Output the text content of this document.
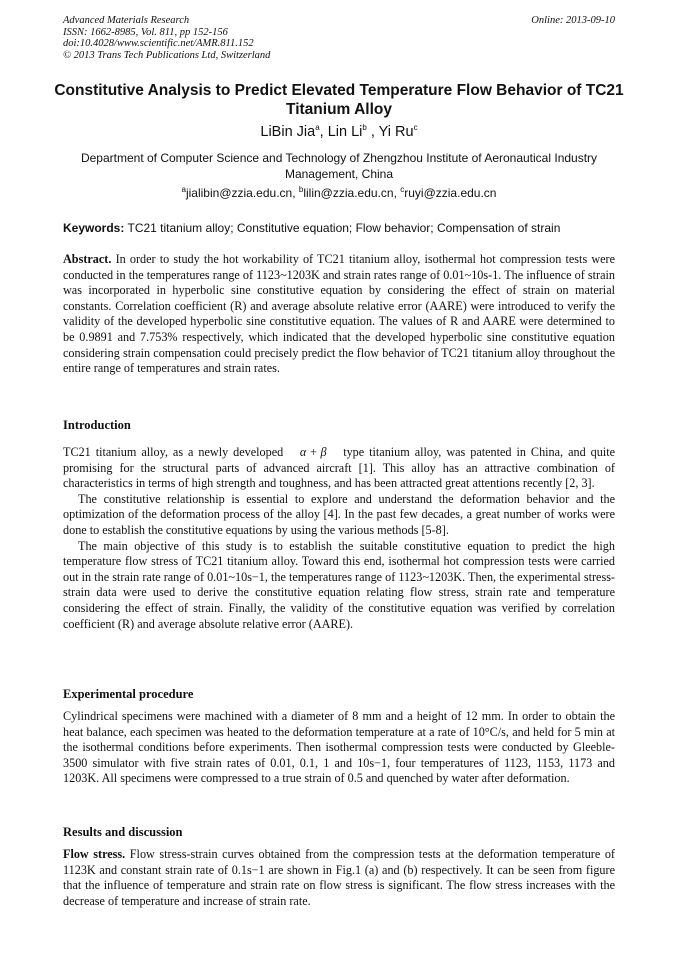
Advanced Materials Research
ISSN: 1662-8985, Vol. 811, pp 152-156
doi:10.4028/www.scientific.net/AMR.811.152
© 2013 Trans Tech Publications Ltd, Switzerland
Online: 2013-09-10
Constitutive Analysis to Predict Elevated Temperature Flow Behavior of TC21 Titanium Alloy
LiBin Jia$^a$, Lin Li$^b$ , Yi Ru$^c$
Department of Computer Science and Technology of Zhengzhou Institute of Aeronautical Industry Management, China
$^a$jialibin@zzia.edu.cn, $^b$lilin@zzia.edu.cn, $^c$ruyi@zzia.edu.cn
Keywords: TC21 titanium alloy; Constitutive equation; Flow behavior; Compensation of strain

Abstract. In order to study the hot workability of TC21 titanium alloy, isothermal hot compression tests were conducted in the temperatures range of 1123~1203K and strain rates range of 0.01~10s-1. The influence of strain was incorporated in hyperbolic sine constitutive equation by considering the effect of strain on material constants. Correlation coefficient (R) and average absolute relative error (AARE) were introduced to verify the validity of the developed hyperbolic sine constitutive equation. The values of R and AARE were determined to be 0.9891 and 7.753% respectively, which indicated that the developed hyperbolic sine constitutive equation considering strain compensation could precisely predict the flow behavior of TC21 titanium alloy throughout the entire range of temperatures and strain rates.

Introduction

TC21 titanium alloy, as a newly developed α + β type titanium alloy, was patented in China, and quite promising for the structural parts of advanced aircraft [1]. This alloy has an attractive combination of characteristics in terms of high strength and toughness, and has been attracted great attentions recently [2, 3].

The constitutive relationship is essential to explore and understand the deformation behavior and the optimization of the deformation process of the alloy [4]. In the past few decades, a great number of works were done to establish the constitutive equations by using the various methods [5-8].

The main objective of this study is to establish the suitable constitutive equation to predict the high temperature flow stress of TC21 titanium alloy. Toward this end, isothermal hot compression tests were carried out in the strain rate range of 0.01~10s−1, the temperatures range of 1123~1203K. Then, the experimental stress-strain data were used to derive the constitutive equation relating flow stress, strain rate and temperature considering the effect of strain. Finally, the validity of the constitutive equation was verified by correlation coefficient (R) and average absolute relative error (AARE).

Experimental procedure

Cylindrical specimens were machined with a diameter of 8 mm and a height of 12 mm. In order to obtain the heat balance, each specimen was heated to the deformation temperature at a rate of 10°C/s, and held for 5 min at the isothermal conditions before experiments. Then isothermal compression tests were conducted by Gleeble-3500 simulator with five strain rates of 0.01, 0.1, 1 and 10s−1, four temperatures of 1123, 1153, 1173 and 1203K. All specimens were compressed to a true strain of 0.5 and quenched by water after deformation.

Results and discussion

Flow stress. Flow stress-strain curves obtained from the compression tests at the deformation temperature of 1123K and constant strain rate of 0.1s−1 are shown in Fig.1 (a) and (b) respectively. It can be seen from figure that the influence of temperature and strain rate on flow stress is significant. The flow stress increases with the decrease of temperature and increase of strain rate.
